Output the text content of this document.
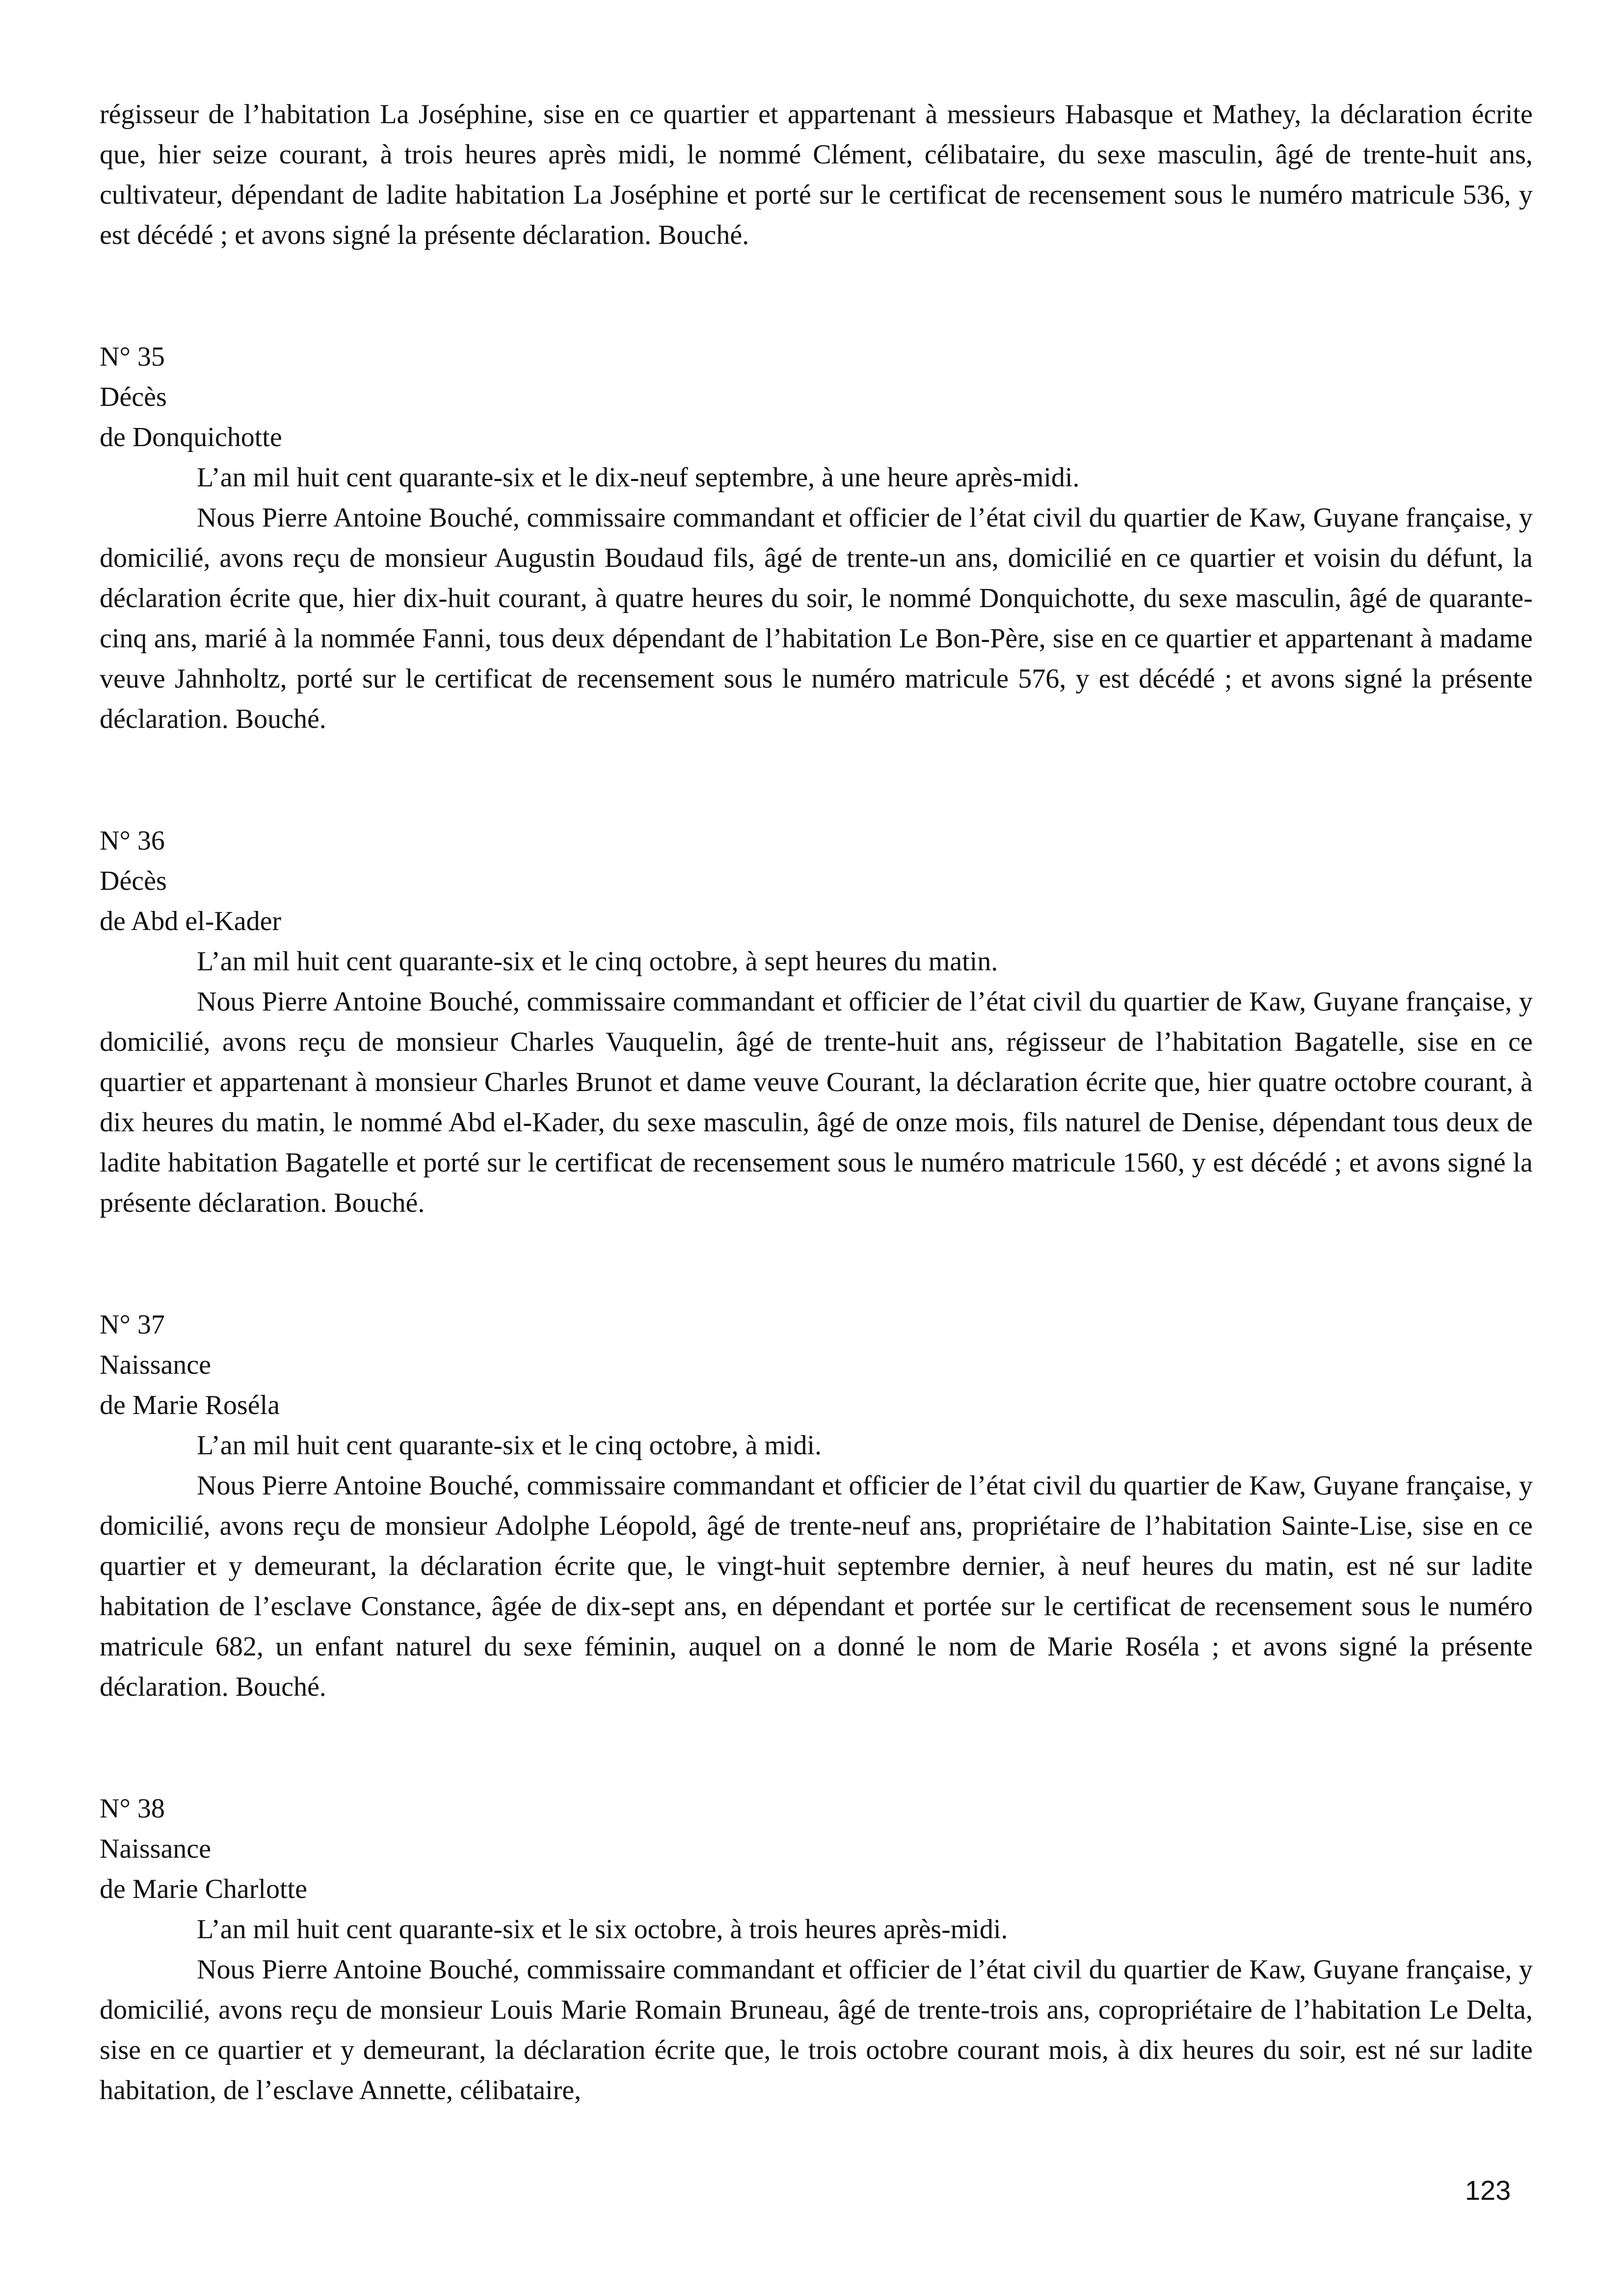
régisseur de l’habitation La Joséphine, sise en ce quartier et appartenant à messieurs Habasque et Mathey, la déclaration écrite que, hier seize courant, à trois heures après midi, le nommé Clément, célibataire, du sexe masculin, âgé de trente-huit ans, cultivateur, dépendant de ladite habitation La Joséphine et porté sur le certificat de recensement sous le numéro matricule 536, y est décédé ; et avons signé la présente déclaration. Bouché.

N° 35

Décès

de Donquichotte

L’an mil huit cent quarante-six et le dix-neuf septembre, à une heure après-midi.

Nous Pierre Antoine Bouché, commissaire commandant et officier de l’état civil du quartier de Kaw, Guyane française, y domicilié, avons reçu de monsieur Augustin Boudaud fils, âgé de trente-un ans, domicilié en ce quartier et voisin du défunt, la déclaration écrite que, hier dix-huit courant, à quatre heures du soir, le nommé Donquichotte, du sexe masculin, âgé de quarante-cinq ans, marié à la nommée Fanni, tous deux dépendant de l’habitation Le Bon-Père, sise en ce quartier et appartenant à madame veuve Jahnholtz, porté sur le certificat de recensement sous le numéro matricule 576, y est décédé ; et avons signé la présente déclaration. Bouché.

N° 36

Décès

de Abd el-Kader

L’an mil huit cent quarante-six et le cinq octobre, à sept heures du matin.

Nous Pierre Antoine Bouché, commissaire commandant et officier de l’état civil du quartier de Kaw, Guyane française, y domicilié, avons reçu de monsieur Charles Vauquelin, âgé de trente-huit ans, régisseur de l’habitation Bagatelle, sise en ce quartier et appartenant à monsieur Charles Brunot et dame veuve Courant, la déclaration écrite que, hier quatre octobre courant, à dix heures du matin, le nommé Abd el-Kader, du sexe masculin, âgé de onze mois, fils naturel de Denise, dépendant tous deux de ladite habitation Bagatelle et porté sur le certificat de recensement sous le numéro matricule 1560, y est décédé ; et avons signé la présente déclaration. Bouché.

N° 37

Naissance

de Marie Roséla

L’an mil huit cent quarante-six et le cinq octobre, à midi.

Nous Pierre Antoine Bouché, commissaire commandant et officier de l’état civil du quartier de Kaw, Guyane française, y domicilié, avons reçu de monsieur Adolphe Léopold, âgé de trente-neuf ans, propriétaire de l’habitation Sainte-Lise, sise en ce quartier et y demeurant, la déclaration écrite que, le vingt-huit septembre dernier, à neuf heures du matin, est né sur ladite habitation de l’esclave Constance, âgée de dix-sept ans, en dépendant et portée sur le certificat de recensement sous le numéro matricule 682, un enfant naturel du sexe féminin, auquel on a donné le nom de Marie Roséla ; et avons signé la présente déclaration. Bouché.

N° 38

Naissance

de Marie Charlotte

L’an mil huit cent quarante-six et le six octobre, à trois heures après-midi.

Nous Pierre Antoine Bouché, commissaire commandant et officier de l’état civil du quartier de Kaw, Guyane française, y domicilié, avons reçu de monsieur Louis Marie Romain Bruneau, âgé de trente-trois ans, copropriétaire de l’habitation Le Delta, sise en ce quartier et y demeurant, la déclaration écrite que, le trois octobre courant mois, à dix heures du soir, est né sur ladite habitation, de l’esclave Annette, célibataire,

123
